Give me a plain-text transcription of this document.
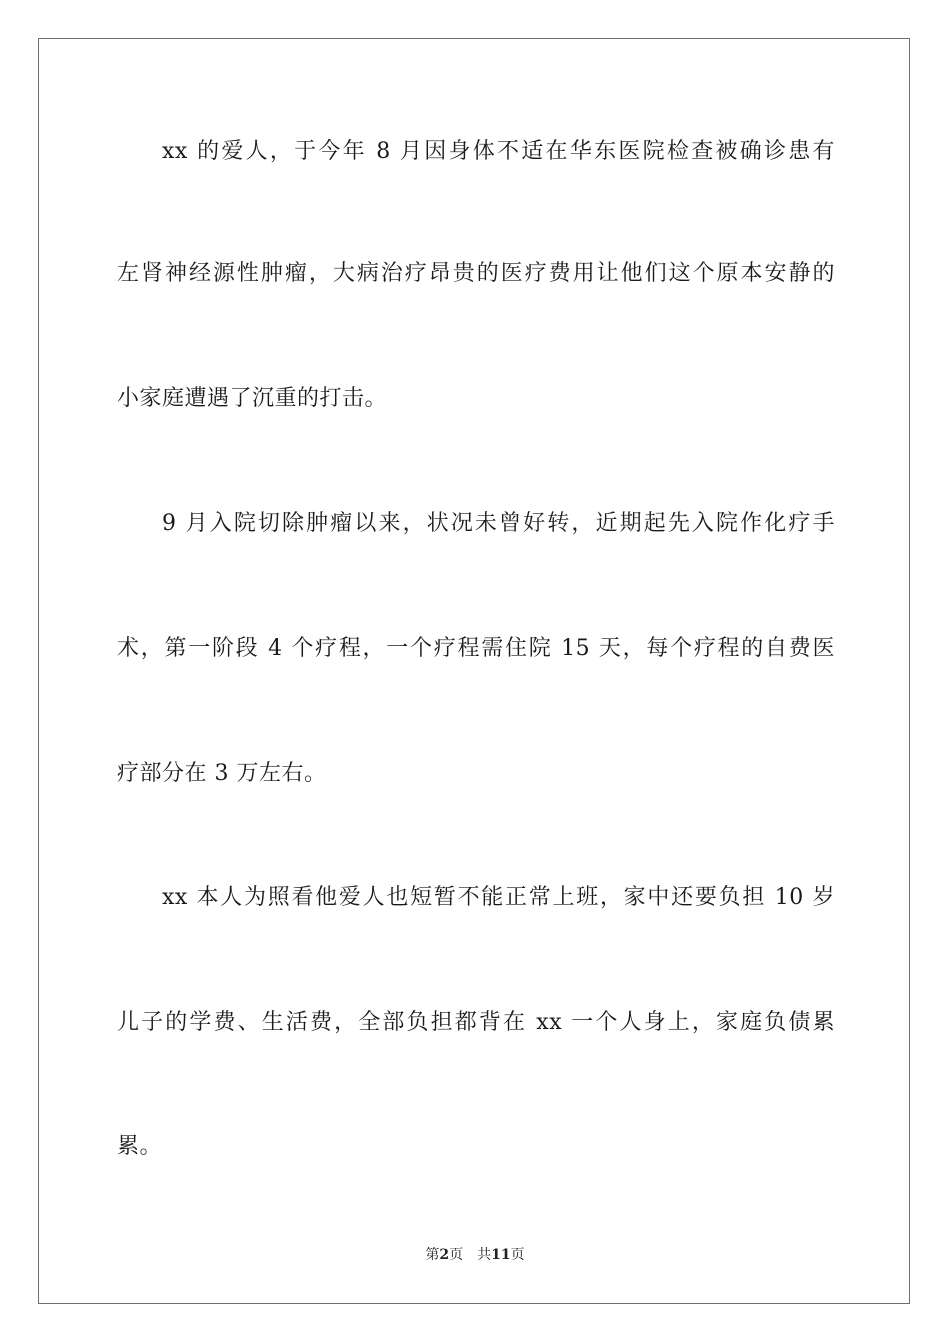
xx 的爱人，于今年 8 月因身体不适在华东医院检查被确诊患有
左肾神经源性肿瘤，大病治疗昂贵的医疗费用让他们这个原本安静的
小家庭遭遇了沉重的打击。
9 月入院切除肿瘤以来，状况未曾好转，近期起先入院作化疗手
术，第一阶段 4 个疗程，一个疗程需住院 15 天，每个疗程的自费医
疗部分在 3 万左右。
xx 本人为照看他爱人也短暂不能正常上班，家中还要负担 10 岁
儿子的学费、生活费，全部负担都背在 xx 一个人身上，家庭负债累
累。
第2页 共11页
